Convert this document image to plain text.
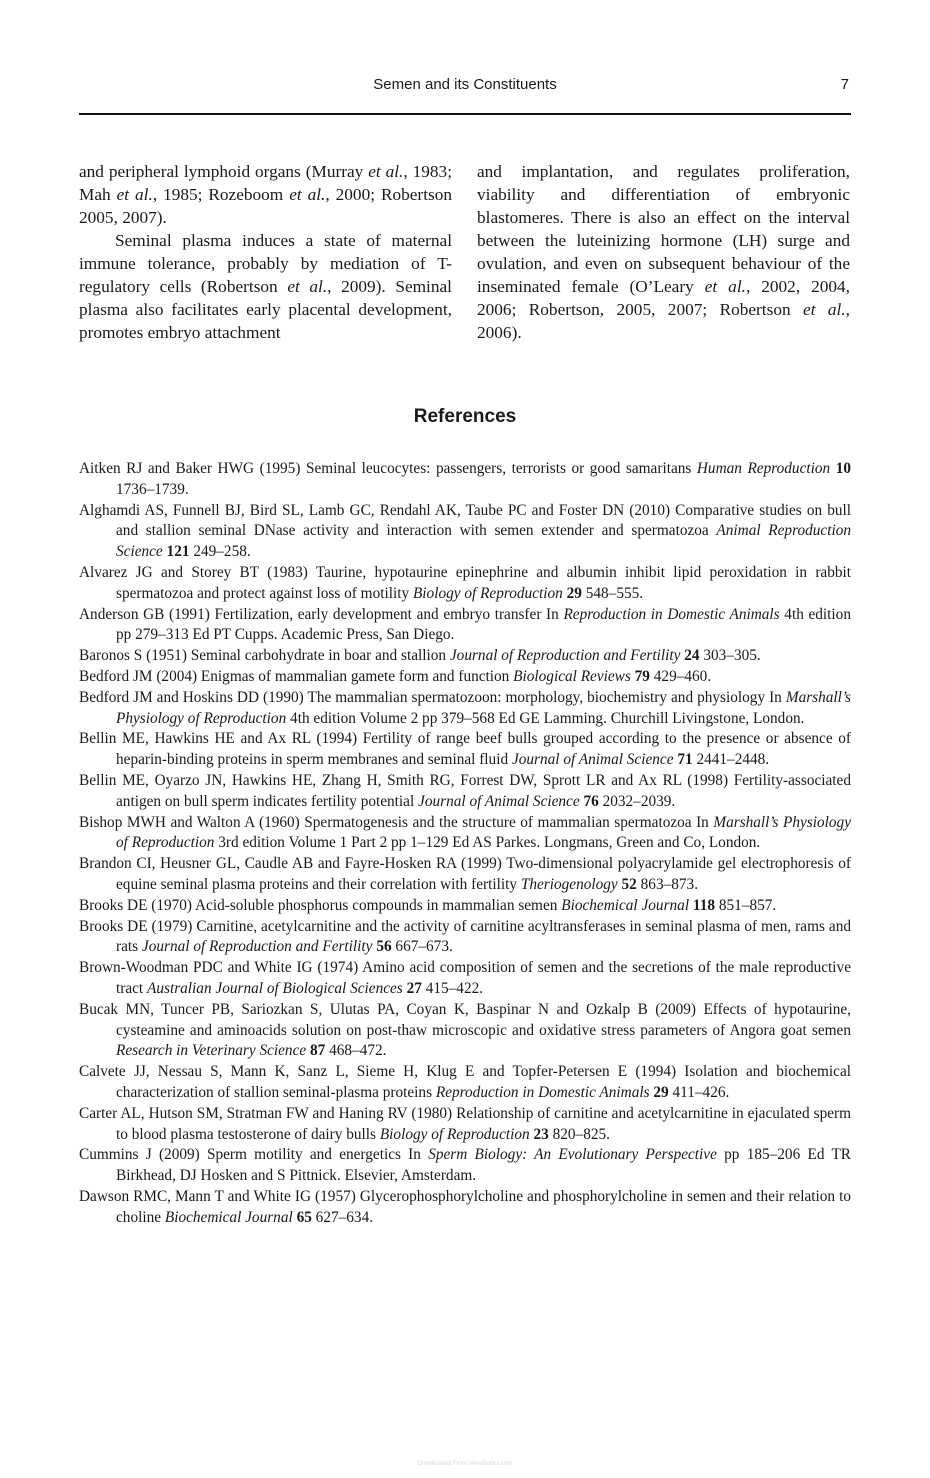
Semen and its Constituents	7

and peripheral lymphoid organs (Murray et al., 1983; Mah et al., 1985; Rozeboom et al., 2000; Robertson 2005, 2007).

Seminal plasma induces a state of maternal immune tolerance, probably by mediation of T-regulatory cells (Robertson et al., 2009). Seminal plasma also facilitates early placental development, promotes embryo attachment

and implantation, and regulates proliferation, viability and differentiation of embryonic blastomeres. There is also an effect on the interval between the luteinizing hormone (LH) surge and ovulation, and even on subsequent behaviour of the inseminated female (O’Leary et al., 2002, 2004, 2006; Robertson, 2005, 2007; Robertson et al., 2006).

References

Aitken RJ and Baker HWG (1995) Seminal leucocytes: passengers, terrorists or good samaritans Human Reproduction 10 1736–1739.

Alghamdi AS, Funnell BJ, Bird SL, Lamb GC, Rendahl AK, Taube PC and Foster DN (2010) Comparative studies on bull and stallion seminal DNase activity and interaction with semen extender and spermatozoa Animal Reproduction Science 121 249–258.

Alvarez JG and Storey BT (1983) Taurine, hypotaurine epinephrine and albumin inhibit lipid peroxidation in rabbit spermatozoa and protect against loss of motility Biology of Reproduction 29 548–555.

Anderson GB (1991) Fertilization, early development and embryo transfer In Reproduction in Domestic Animals 4th edition pp 279–313 Ed PT Cupps. Academic Press, San Diego.

Baronos S (1951) Seminal carbohydrate in boar and stallion Journal of Reproduction and Fertility 24 303–305.

Bedford JM (2004) Enigmas of mammalian gamete form and function Biological Reviews 79 429–460.

Bedford JM and Hoskins DD (1990) The mammalian spermatozoon: morphology, biochemistry and physiology In Marshall’s Physiology of Reproduction 4th edition Volume 2 pp 379–568 Ed GE Lamming. Churchill Livingstone, London.

Bellin ME, Hawkins HE and Ax RL (1994) Fertility of range beef bulls grouped according to the presence or absence of heparin-binding proteins in sperm membranes and seminal fluid Journal of Animal Science 71 2441–2448.

Bellin ME, Oyarzo JN, Hawkins HE, Zhang H, Smith RG, Forrest DW, Sprott LR and Ax RL (1998) Fertility-associated antigen on bull sperm indicates fertility potential Journal of Animal Science 76 2032–2039.

Bishop MWH and Walton A (1960) Spermatogenesis and the structure of mammalian spermatozoa In Marshall’s Physiology of Reproduction 3rd edition Volume 1 Part 2 pp 1–129 Ed AS Parkes. Longmans, Green and Co, London.

Brandon CI, Heusner GL, Caudle AB and Fayre-Hosken RA (1999) Two-dimensional polyacrylamide gel electrophoresis of equine seminal plasma proteins and their correlation with fertility Theriogenology 52 863–873.

Brooks DE (1970) Acid-soluble phosphorus compounds in mammalian semen Biochemical Journal 118 851–857.

Brooks DE (1979) Carnitine, acetylcarnitine and the activity of carnitine acyltransferases in seminal plasma of men, rams and rats Journal of Reproduction and Fertility 56 667–673.

Brown-Woodman PDC and White IG (1974) Amino acid composition of semen and the secretions of the male reproductive tract Australian Journal of Biological Sciences 27 415–422.

Bucak MN, Tuncer PB, Sariozkan S, Ulutas PA, Coyan K, Baspinar N and Ozkalp B (2009) Effects of hypotaurine, cysteamine and aminoacids solution on post-thaw microscopic and oxidative stress parameters of Angora goat semen Research in Veterinary Science 87 468–472.

Calvete JJ, Nessau S, Mann K, Sanz L, Sieme H, Klug E and Topfer-Petersen E (1994) Isolation and biochemical characterization of stallion seminal-plasma proteins Reproduction in Domestic Animals 29 411–426.

Carter AL, Hutson SM, Stratman FW and Haning RV (1980) Relationship of carnitine and acetylcarnitine in ejaculated sperm to blood plasma testosterone of dairy bulls Biology of Reproduction 23 820–825.

Cummins J (2009) Sperm motility and energetics In Sperm Biology: An Evolutionary Perspective pp 185–206 Ed TR Birkhead, DJ Hosken and S Pittnick. Elsevier, Amsterdam.

Dawson RMC, Mann T and White IG (1957) Glycerophosphorylcholine and phosphorylcholine in semen and their relation to choline Biochemical Journal 65 627–634.

Downloaded From Vet-eBooks.com
